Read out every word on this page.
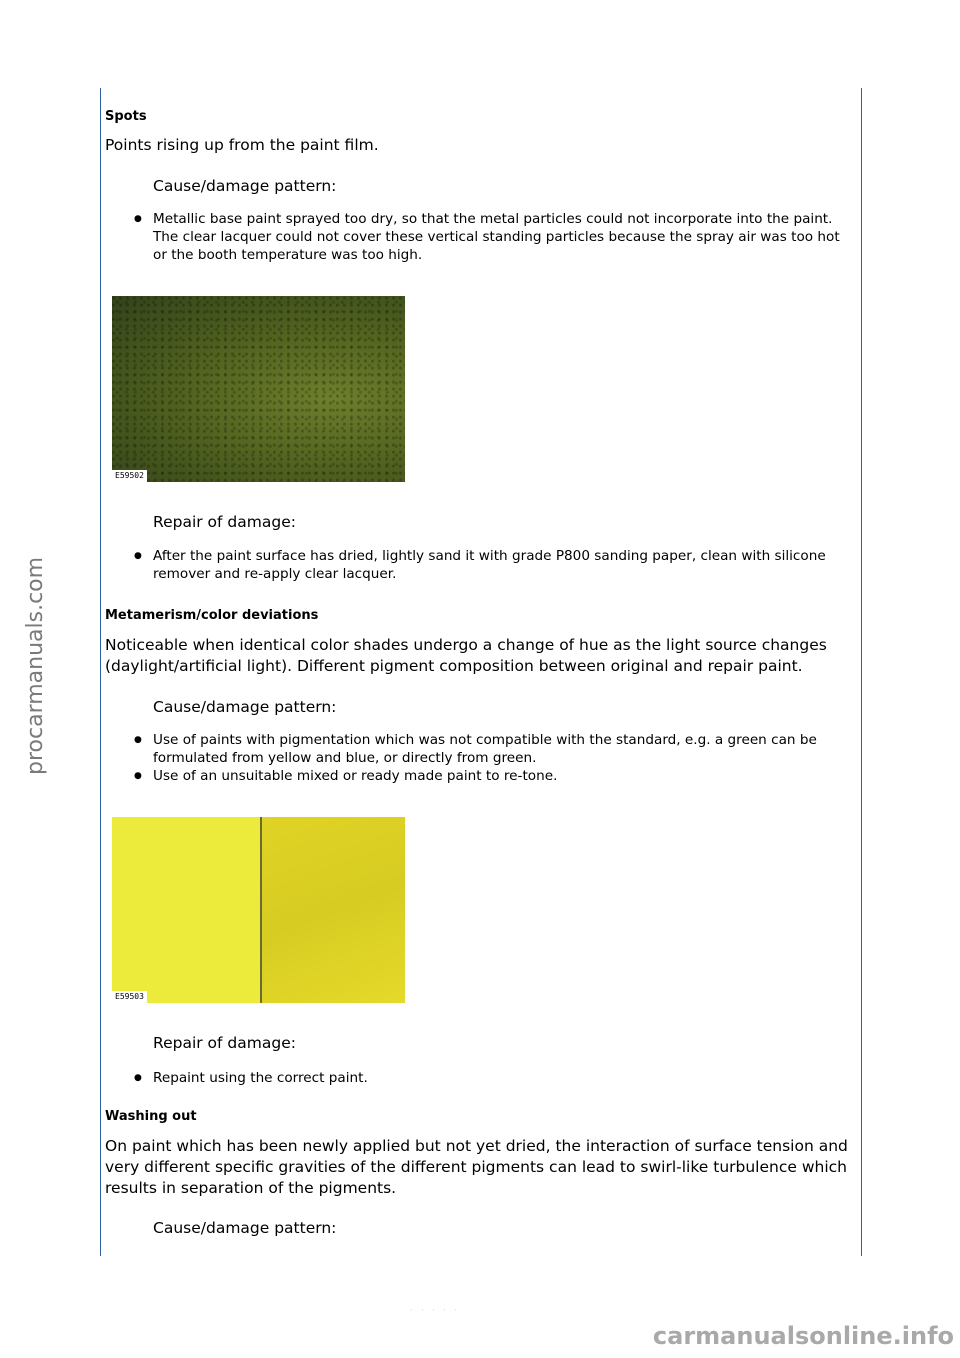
procarmanuals.com
Spots

Points rising up from the paint film.

Cause/damage pattern:

● Metallic base paint sprayed too dry, so that the metal particles could not incorporate into the paint. The clear lacquer could not cover these vertical standing particles because the spray air was too hot or the booth temperature was too high.
E59502

Repair of damage:

● After the paint surface has dried, lightly sand it with grade P800 sanding paper, clean with silicone remover and re-apply clear lacquer.
Metamerism/color deviations

Noticeable when identical color shades undergo a change of hue as the light source changes (daylight/artificial light). Different pigment composition between original and repair paint.

Cause/damage pattern:

● Use of paints with pigmentation which was not compatible with the standard, e.g. a green can be formulated from yellow and blue, or directly from green.
● Use of an unsuitable mixed or ready made paint to re-tone.
E59503

Repair of damage:

● Repaint using the correct paint.
Washing out

On paint which has been newly applied but not yet dried, the interaction of surface tension and very different specific gravities of the different pigments can lead to swirl-like turbulence which results in separation of the pigments.

Cause/damage pattern:

· · · · ·
carmanualsonline.info
